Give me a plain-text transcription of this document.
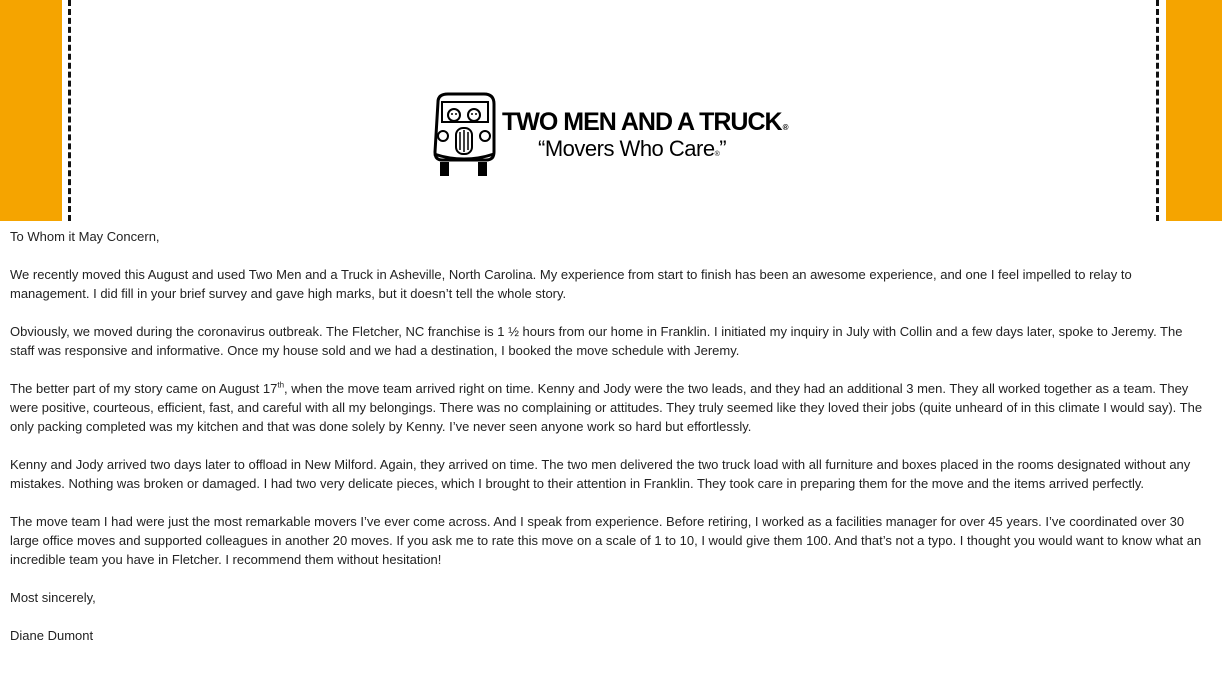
TWO MEN AND A TRUCK®
“Movers Who Care®”

To Whom it May Concern,

We recently moved this August and used Two Men and a Truck in Asheville, North Carolina. My experience from start to finish has been an awesome experience, and one I feel impelled to relay to management. I did fill in your brief survey and gave high marks, but it doesn’t tell the whole story.

Obviously, we moved during the coronavirus outbreak. The Fletcher, NC franchise is 1 ½ hours from our home in Franklin. I initiated my inquiry in July with Collin and a few days later, spoke to Jeremy. The staff was responsive and informative. Once my house sold and we had a destination, I booked the move schedule with Jeremy.

The better part of my story came on August 17th, when the move team arrived right on time. Kenny and Jody were the two leads, and they had an additional 3 men. They all worked together as a team. They were positive, courteous, efficient, fast, and careful with all my belongings. There was no complaining or attitudes. They truly seemed like they loved their jobs (quite unheard of in this climate I would say). The only packing completed was my kitchen and that was done solely by Kenny. I’ve never seen anyone work so hard but effortlessly.

Kenny and Jody arrived two days later to offload in New Milford. Again, they arrived on time. The two men delivered the two truck load with all furniture and boxes placed in the rooms designated without any mistakes. Nothing was broken or damaged. I had two very delicate pieces, which I brought to their attention in Franklin. They took care in preparing them for the move and the items arrived perfectly.

The move team I had were just the most remarkable movers I’ve ever come across. And I speak from experience. Before retiring, I worked as a facilities manager for over 45 years. I’ve coordinated over 30 large office moves and supported colleagues in another 20 moves. If you ask me to rate this move on a scale of 1 to 10, I would give them 100. And that’s not a typo. I thought you would want to know what an incredible team you have in Fletcher. I recommend them without hesitation!

Most sincerely,

Diane Dumont
